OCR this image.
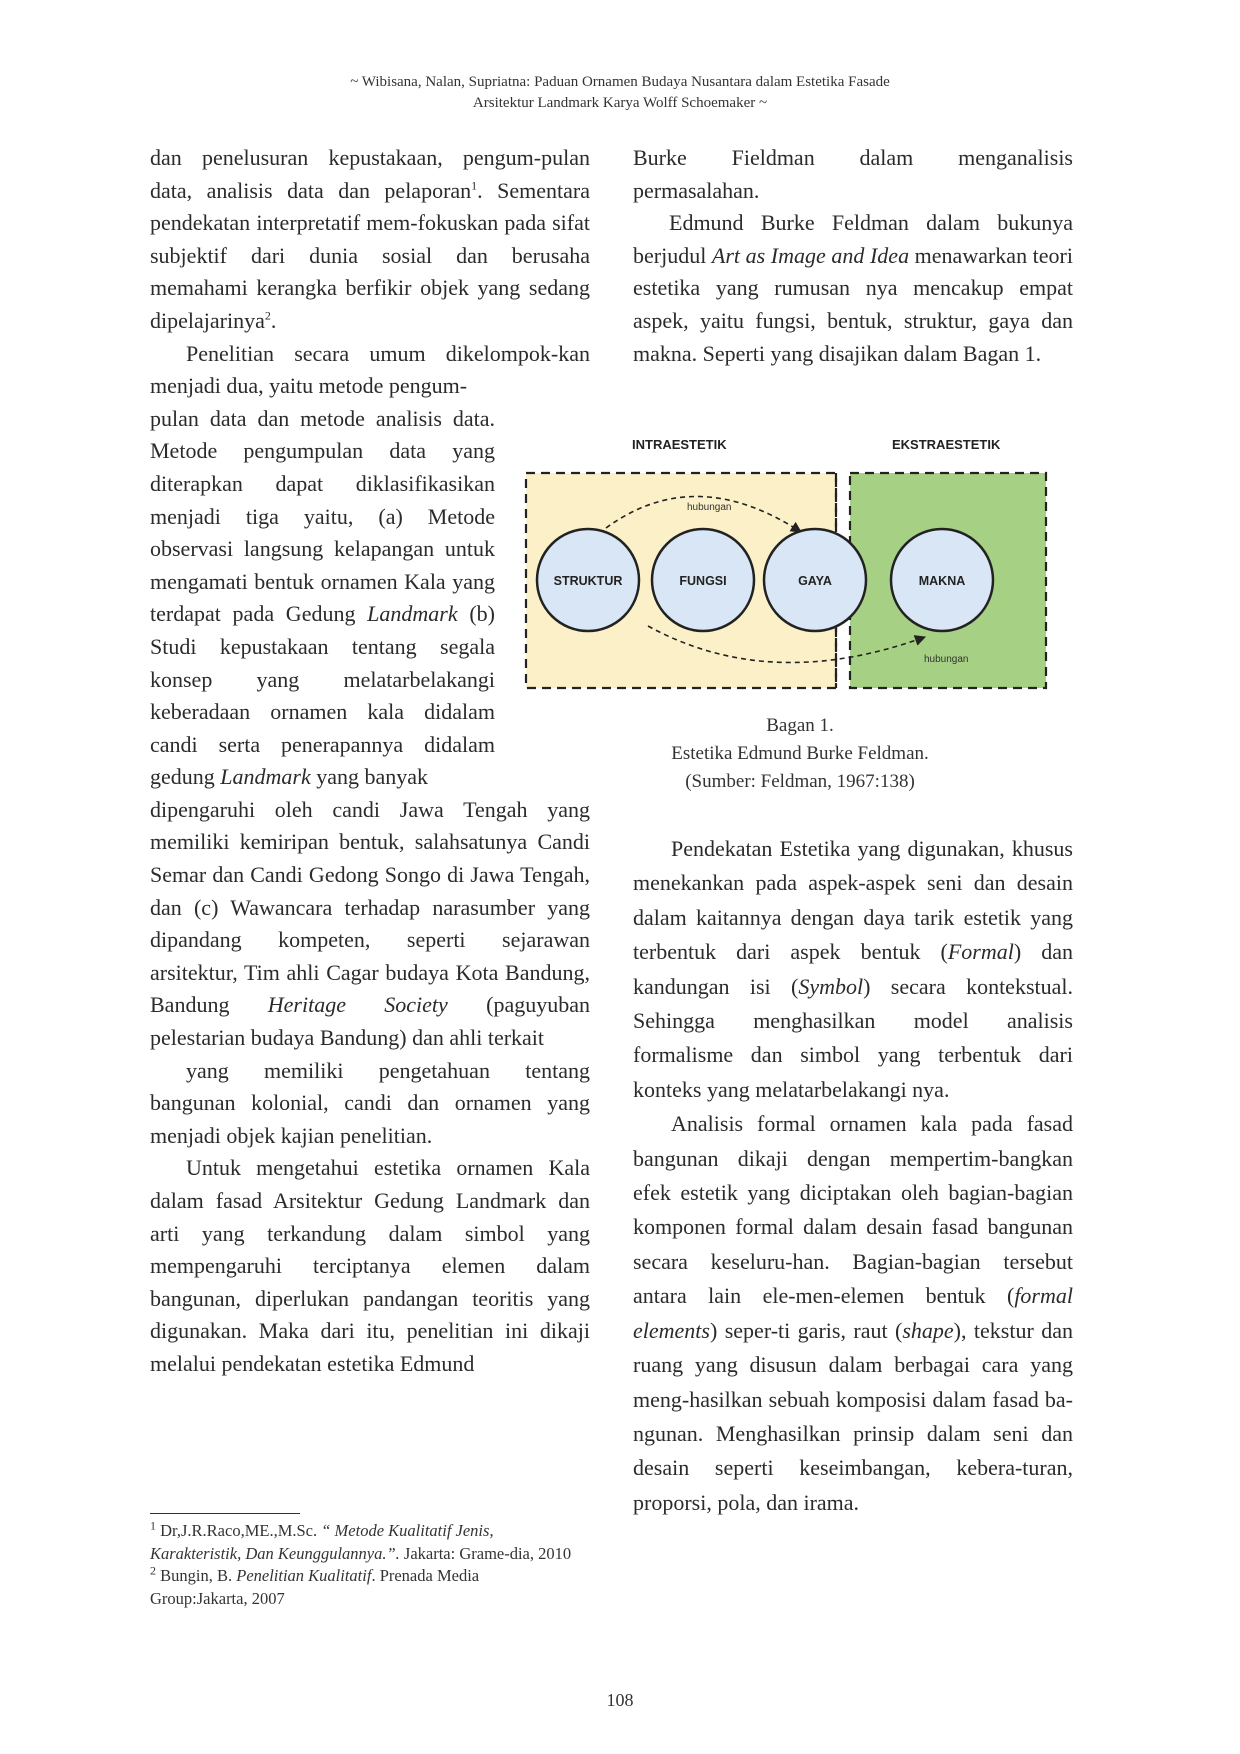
~ Wibisana, Nalan, Supriatna: Paduan Ornamen Budaya Nusantara dalam Estetika Fasade
Arsitektur Landmark Karya Wolff Schoemaker ~

dan penelusuran kepustakaan, pengum-pulan data, analisis data dan pelaporan$^1$. Sementara pendekatan interpretatif mem-fokuskan pada sifat subjektif dari dunia sosial dan berusaha memahami kerangka berfikir objek yang sedang dipelajarinya$^2$.

Penelitian secara umum dikelompok-kan menjadi dua, yaitu metode pengum-

pulan data dan metode analisis data. Metode pengumpulan data yang diterapkan dapat diklasifikasikan menjadi tiga yaitu, (a) Metode observasi langsung kelapangan untuk mengamati bentuk ornamen Kala yang terdapat pada Gedung Landmark (b) Studi kepustakaan tentang segala konsep yang melatarbelakangi keberadaan ornamen kala didalam candi serta penerapannya didalam gedung Landmark yang banyak

dipengaruhi oleh candi Jawa Tengah yang memiliki kemiripan bentuk, salahsatunya Candi Semar dan Candi Gedong Songo di Jawa Tengah, dan (c) Wawancara terhadap narasumber yang dipandang kompeten, seperti sejarawan arsitektur, Tim ahli Cagar budaya Kota Bandung, Bandung Heritage Society (paguyuban pelestarian budaya Bandung) dan ahli terkait

yang memiliki pengetahuan tentang bangunan kolonial, candi dan ornamen yang menjadi objek kajian penelitian.

Untuk mengetahui estetika ornamen Kala dalam fasad Arsitektur Gedung Landmark dan arti yang terkandung dalam simbol yang mempengaruhi terciptanya elemen dalam bangunan, diperlukan pandangan teoritis yang digunakan. Maka dari itu, penelitian ini dikaji melalui pendekatan estetika Edmund

Burke Fieldman dalam menganalisis permasalahan.

Edmund Burke Feldman dalam bukunya berjudul Art as Image and Idea menawarkan teori estetika yang rumusan nya mencakup empat aspek, yaitu fungsi, bentuk, struktur, gaya dan makna. Seperti yang disajikan dalam Bagan 1.

INTRAESTETIK	EKSTRAESTETIK
hubungan
hubungan
STRUKTUR	FUNGSI	GAYA	MAKNA
Bagan 1.
Estetika Edmund Burke Feldman.
(Sumber: Feldman, 1967:138)

Pendekatan Estetika yang digunakan, khusus menekankan pada aspek-aspek seni dan desain dalam kaitannya dengan daya tarik estetik yang terbentuk dari aspek bentuk (Formal) dan kandungan isi (Symbol) secara kontekstual. Sehingga menghasilkan model analisis formalisme dan simbol yang terbentuk dari konteks yang melatarbelakangi nya.

Analisis formal ornamen kala pada fasad bangunan dikaji dengan mempertim-bangkan efek estetik yang diciptakan oleh bagian-bagian komponen formal dalam desain fasad bangunan secara keseluru-han. Bagian-bagian tersebut antara lain ele-men-elemen bentuk (formal elements) seper-ti garis, raut (shape), tekstur dan ruang yang disusun dalam berbagai cara yang meng-hasilkan sebuah komposisi dalam fasad ba-ngunan. Menghasilkan prinsip dalam seni dan desain seperti keseimbangan, kebera-turan, proporsi, pola, dan irama.

$^1$ Dr,J.R.Raco,ME.,M.Sc. “ Metode Kualitatif Jenis, Karakteristik, Dan Keunggulannya.”. Jakarta: Grame-dia, 2010

$^2$ Bungin, B. Penelitian Kualitatif. Prenada Media Group:Jakarta, 2007

108
